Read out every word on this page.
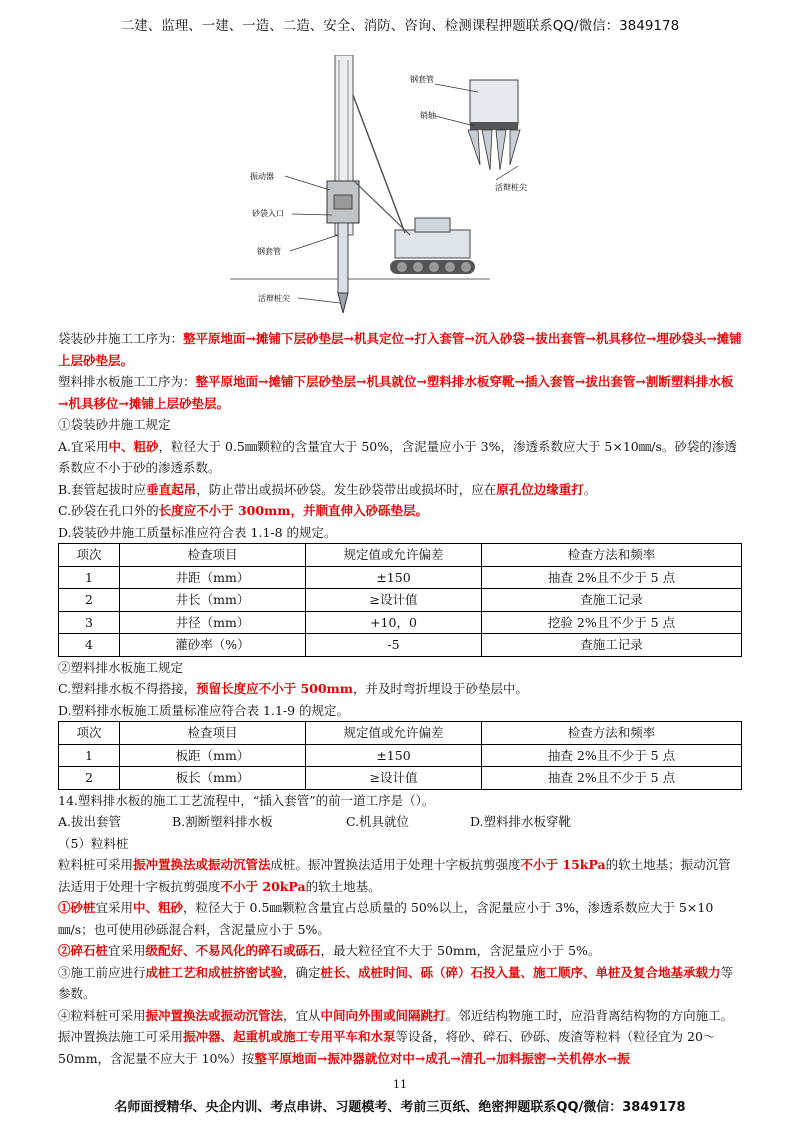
二建、监理、一建、一造、二造、安全、消防、咨询、检测课程押题联系QQ/微信：3849178
振动器
砂袋入口
钢套管
活辩桩尖
钢套管
销轴
活辩桩尖

袋装砂井施工工序为：整平原地面→摊铺下层砂垫层→机具定位→打入套管→沉入砂袋→拔出套管→机具移位→埋砂袋头→摊铺上层砂垫层。

塑料排水板施工工序为：整平原地面→摊铺下层砂垫层→机具就位→塑料排水板穿靴→插入套管→拔出套管→割断塑料排水板→机具移位→摊铺上层砂垫层。

①袋装砂井施工规定

A.宜采用中、粗砂，粒径大于 0.5㎜颗粒的含量宜大于 50%，含泥量应小于 3%，渗透系数应大于 5×10㎜/s。砂袋的渗透系数应不小于砂的渗透系数。

B.套管起拔时应垂直起吊，防止带出或损坏砂袋。发生砂袋带出或损坏时，应在原孔位边缘重打。

C.砂袋在孔口外的长度应不小于 300mm，并顺直伸入砂砾垫层。

D.袋装砂井施工质量标准应符合表 1.1-8 的规定。

项次	检查项目	规定值或允许偏差	检查方法和频率
1	井距（mm）	±150	抽查 2%且不少于 5 点
2	井长（mm）	≥设计值	查施工记录
3	井径（mm）	+10，0	挖验 2%且不少于 5 点
4	灌砂率（%）	-5	查施工记录

②塑料排水板施工规定

C.塑料排水板不得搭接，预留长度应不小于 500mm，并及时弯折埋设于砂垫层中。

D.塑料排水板施工质量标准应符合表 1.1-9 的规定。

项次	检查项目	规定值或允许偏差	检查方法和频率
1	板距（mm）	±150	抽查 2%且不少于 5 点
2	板长（mm）	≥设计值	抽查 2%且不少于 5 点

14.塑料排水板的施工工艺流程中，“插入套管”的前一道工序是（）。

A.拔出套管	B.割断塑料排水板	C.机具就位	D.塑料排水板穿靴

（5）粒料桩

粒料桩可采用振冲置换法或振动沉管法成桩。振冲置换法适用于处理十字板抗剪强度不小于 15kPa的软土地基；振动沉管法适用于处理十字板抗剪强度不小于 20kPa的软土地基。

①砂桩宜采用中、粗砂，粒径大于 0.5㎜颗粒含量宜占总质量的 50%以上，含泥量应小于 3%，渗透系数应大于 5×10㎜/s；也可使用砂砾混合料，含泥量应小于 5%。

②碎石桩宜采用级配好、不易风化的碎石或砾石，最大粒径宜不大于 50mm，含泥量应小于 5%。

③施工前应进行成桩工艺和成桩挤密试验，确定桩长、成桩时间、砾（碎）石投入量、施工顺序、单桩及复合地基承载力等参数。

④粒料桩可采用振冲置换法或振动沉管法，宜从中间向外围或间隔跳打。邻近结构物施工时，应沿背离结构物的方向施工。

振冲置换法施工可采用振冲器、起重机或施工专用平车和水泵等设备，将砂、碎石、砂砾、废渣等粒料（粒径宜为 20～50mm，含泥量不应大于 10%）按整平原地面→振冲器就位对中→成孔→清孔→加料振密→关机停水→振

11
名师面授精华、央企内训、考点串讲、习题模考、考前三页纸、绝密押题联系QQ/微信：3849178
